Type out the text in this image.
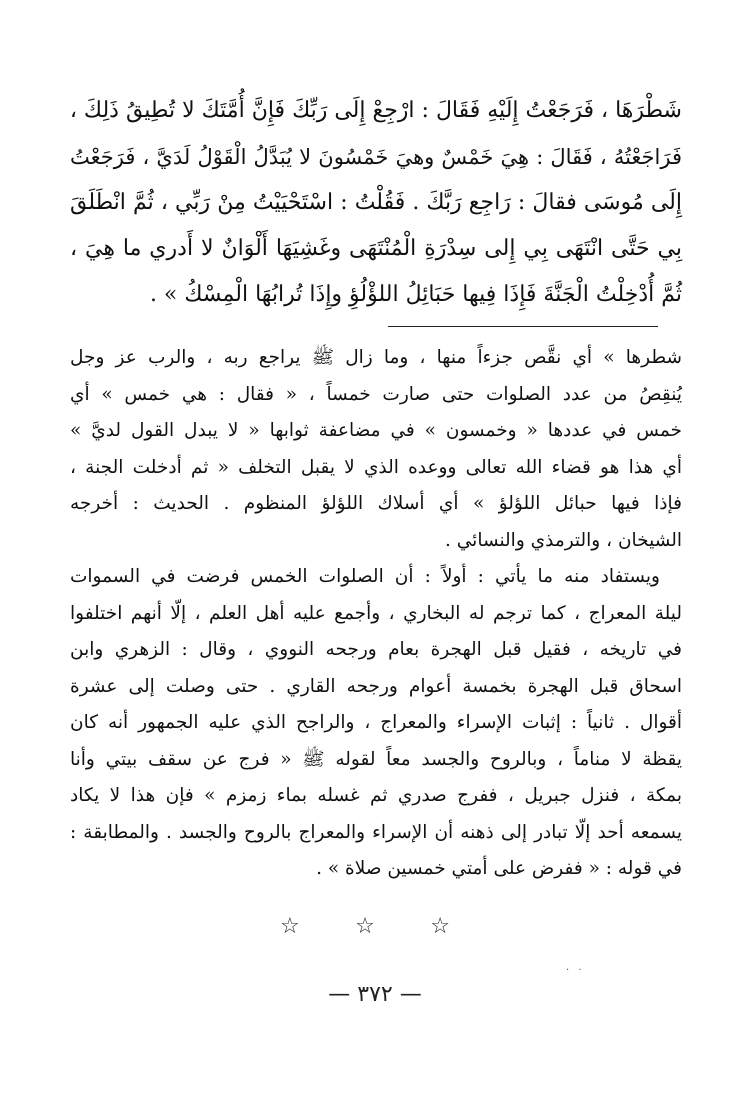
شَطْرَهَا ، فَرَجَعْتُ إِلَيْهِ فَقَالَ : ارْجِعْ إِلَى رَبِّكَ فَإِنَّ أُمَّتَكَ لا تُطِيقُ ذَلِكَ ،
فَرَاجَعْتُهُ ، فَقَالَ : هِيَ خَمْسٌ وهيَ خَمْسُونَ لا يُبَدَّلُ الْقَوْلُ لَدَيَّ ، فَرَجَعْتُ
إِلَى مُوسَى فقالَ : رَاجِع رَبَّكَ . فَقُلْتُ : اسْتَحْيَيْتُ مِنْ رَبِّي ، ثُمَّ انْطَلَقَ
بِي حَتَّى انْتَهَى بِي إِلى سِدْرَةِ الْمُنْتَهَى وغَشِيَهَا أَلْوَانٌ لا أَدري ما هِيَ ،
ثُمَّ أُدْخِلْتُ الْجَنَّةَ فَإِذَا فِيها حَبَائِلُ اللؤْلُؤِ وإِذَا تُرابُهَا الْمِسْكُ » .
شطرها » أي نقَّص جزءاً منها ، وما زال ﷺ يراجع ربه ، والرب عز وجل
يُنقِصُ من عدد الصلوات حتى صارت خمساً ، « فقال : هي خمس » أي
خمس في عددها « وخمسون » في مضاعفة ثوابها « لا يبدل القول لديَّ »
أي هذا هو قضاء الله تعالى ووعده الذي لا يقبل التخلف « ثم أدخلت الجنة ،
فإذا فيها حبائل اللؤلؤ » أي أسلاك اللؤلؤ المنظوم . الحديث : أخرجه
الشيخان ، والترمذي والنسائي .
ويستفاد منه ما يأتي : أولاً : أن الصلوات الخمس فرضت في السموات
ليلة المعراج ، كما ترجم له البخاري ، وأجمع عليه أهل العلم ، إلّا أنهم اختلفوا
في تاريخه ، فقيل قبل الهجرة بعام ورجحه النووي ، وقال : الزهري وابن
اسحاق قبل الهجرة بخمسة أعوام ورجحه القاري . حتى وصلت إلى عشرة
أقوال . ثانياً : إثبات الإسراء والمعراج ، والراجح الذي عليه الجمهور أنه كان
يقظة لا مناماً ، وبالروح والجسد معاً لقوله ﷺ « فرج عن سقف بيتي وأنا
بمكة ، فنزل جبريل ، ففرج صدري ثم غسله بماء زمزم » فإن هذا لا يكاد
يسمعه أحد إلّا تبادر إلى ذهنه أن الإسراء والمعراج بالروح والجسد . والمطابقة :
في قوله : « ففرض على أمتي خمسين صلاة » .
☆	☆	☆
. .
— ٣٧٢ —
